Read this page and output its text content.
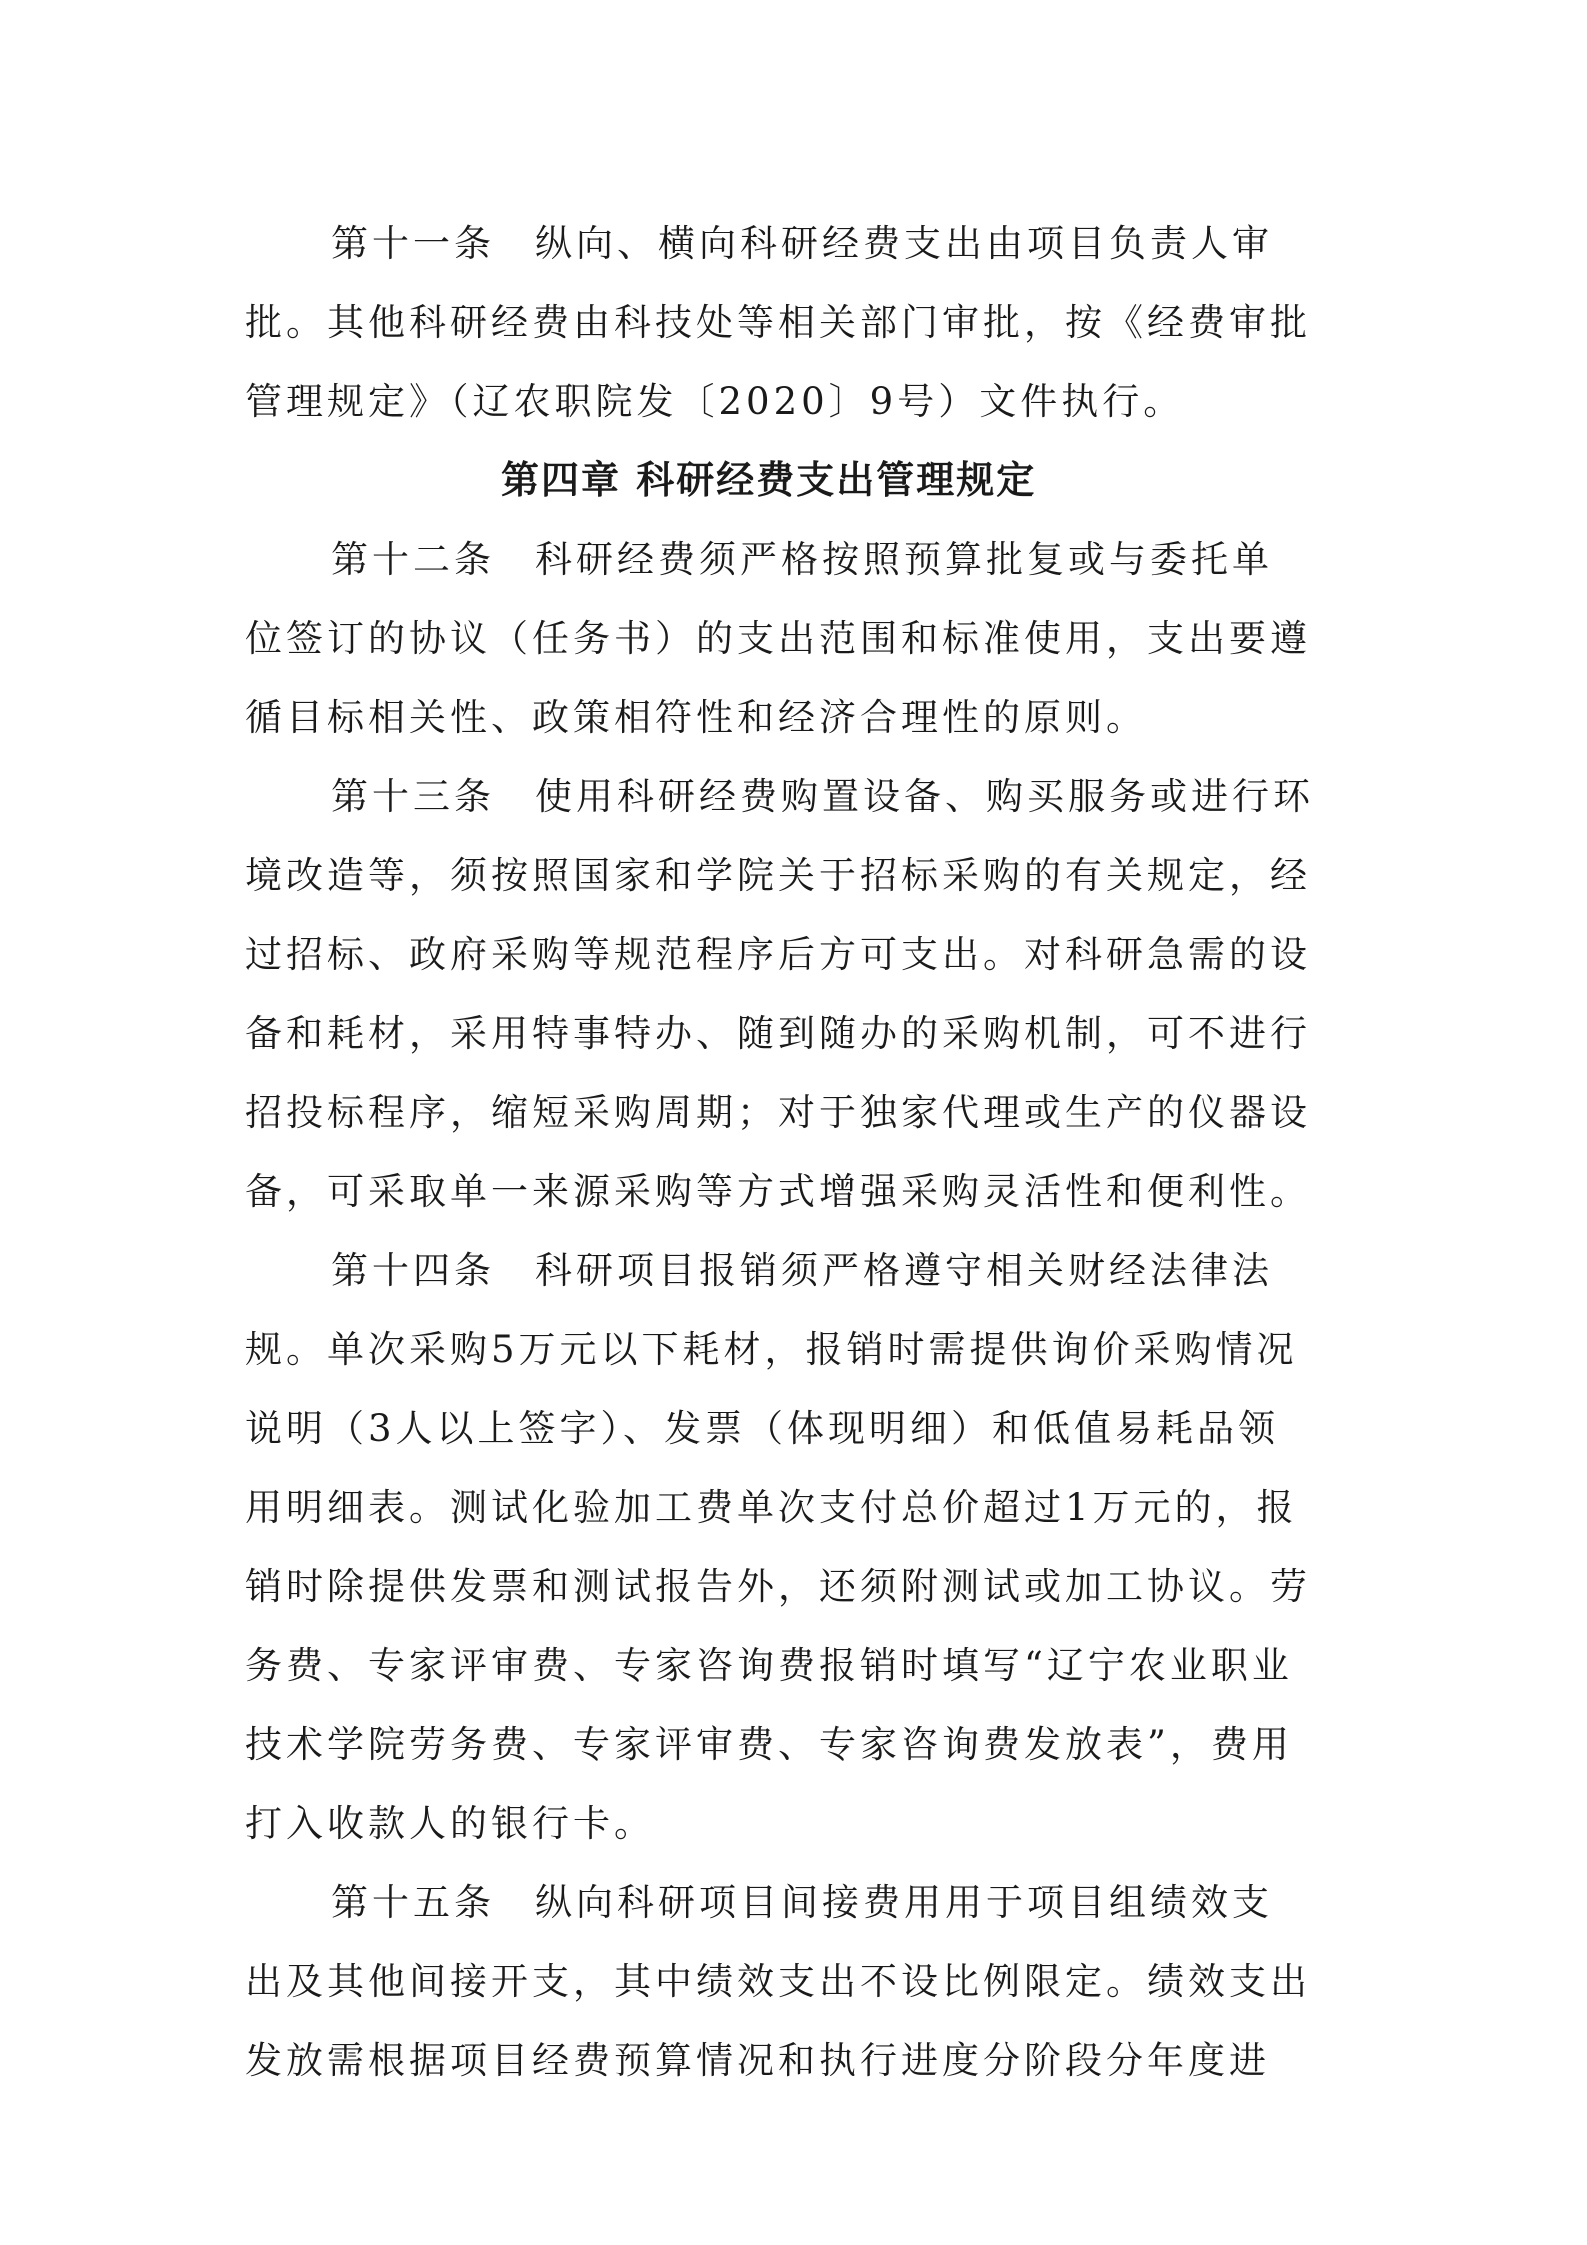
第十一条 纵向、横向科研经费支出由项目负责人审
批。其他科研经费由科技处等相关部门审批，按《经费审批
管理规定》（辽农职院发〔2020〕9号）文件执行。
第四章 科研经费支出管理规定
第十二条 科研经费须严格按照预算批复或与委托单
位签订的协议（任务书）的支出范围和标准使用，支出要遵
循目标相关性、政策相符性和经济合理性的原则。
第十三条 使用科研经费购置设备、购买服务或进行环
境改造等，须按照国家和学院关于招标采购的有关规定，经
过招标、政府采购等规范程序后方可支出。对科研急需的设
备和耗材，采用特事特办、随到随办的采购机制，可不进行
招投标程序，缩短采购周期；对于独家代理或生产的仪器设
备，可采取单一来源采购等方式增强采购灵活性和便利性。
第十四条 科研项目报销须严格遵守相关财经法律法
规。单次采购5万元以下耗材，报销时需提供询价采购情况
说明（3人以上签字）、发票（体现明细）和低值易耗品领
用明细表。测试化验加工费单次支付总价超过1万元的，报
销时除提供发票和测试报告外，还须附测试或加工协议。劳
务费、专家评审费、专家咨询费报销时填写“辽宁农业职业
技术学院劳务费、专家评审费、专家咨询费发放表”，费用
打入收款人的银行卡。
第十五条 纵向科研项目间接费用用于项目组绩效支
出及其他间接开支，其中绩效支出不设比例限定。绩效支出
发放需根据项目经费预算情况和执行进度分阶段分年度进
